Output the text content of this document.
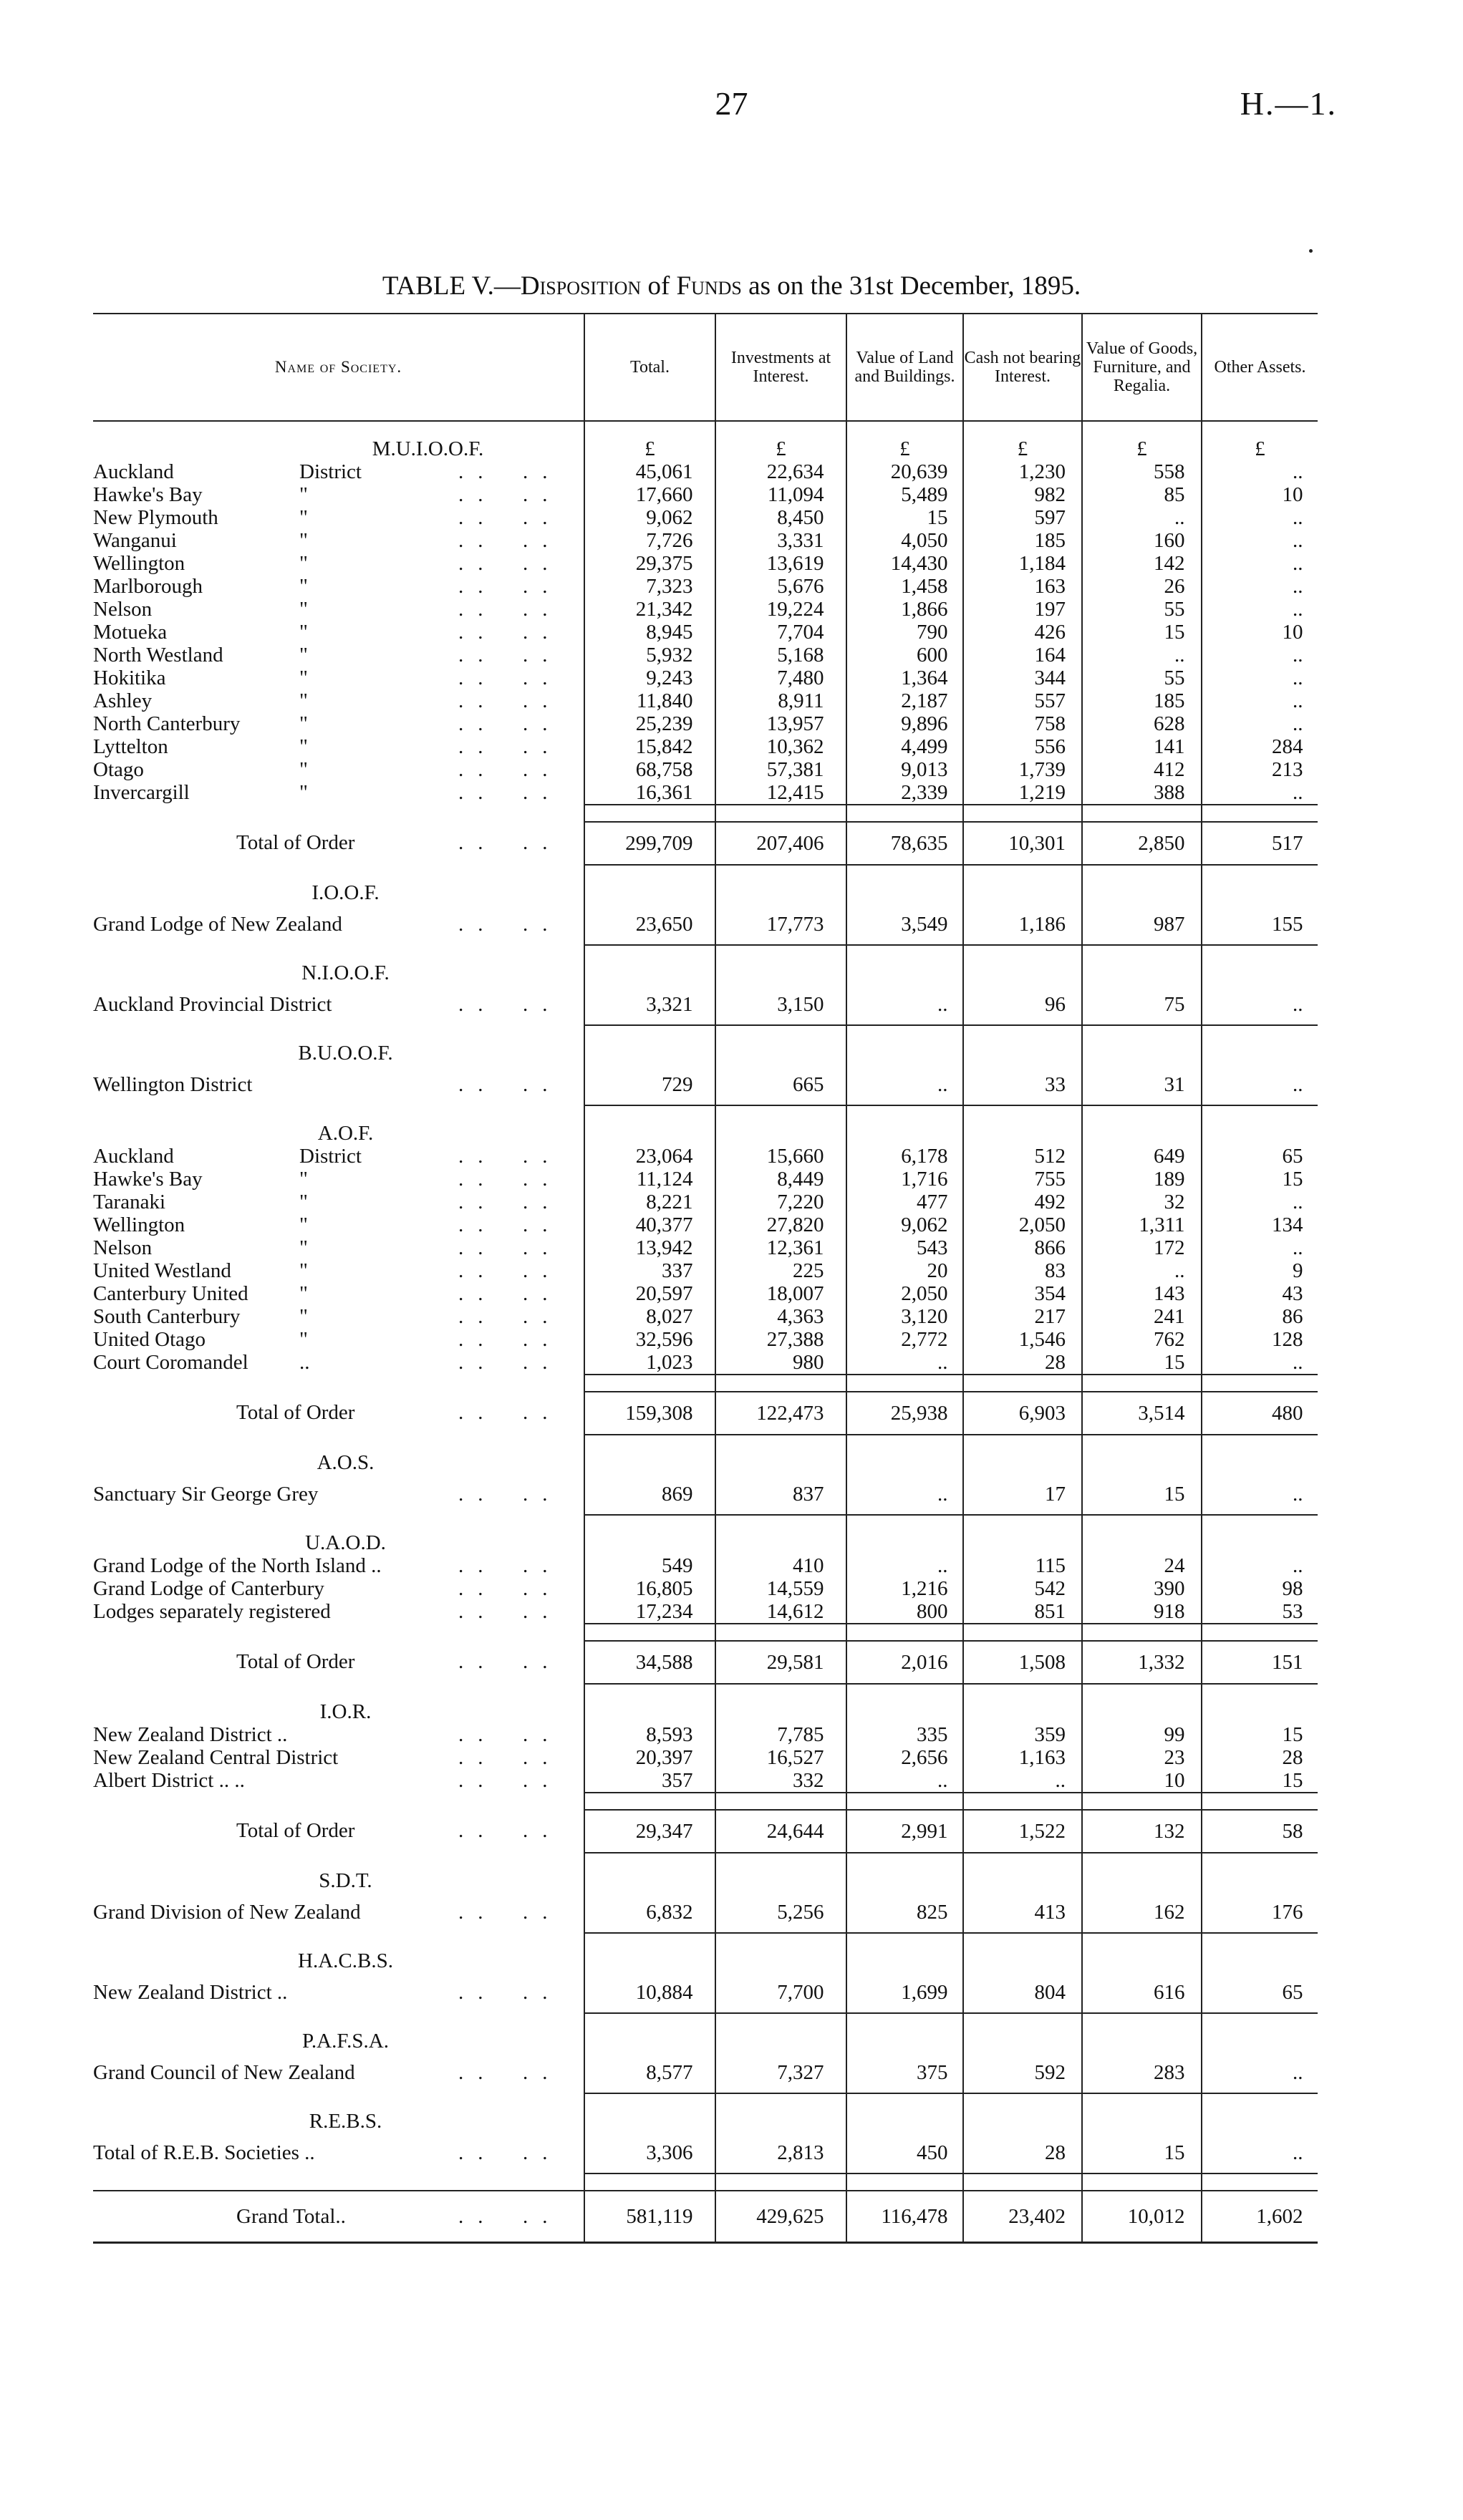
27	H.—1.
TABLE V.—Disposition of Funds as on the 31st December, 1895.
Name of Society.	Total.	Investments at Interest.	Value of Land and Buildings.	Cash not bearing Interest.	Value of Goods, Furniture, and Regalia.	Other Assets.

M.U.I.O.O.F.	£	£	£	£	£	£
Auckland District .. ..	45,061	22,634	20,639	1,230	558	..
Hawke's Bay " .. ..	17,660	11,094	5,489	982	85	10
New Plymouth " .. ..	9,062	8,450	15	597	..	..
Wanganui " .. ..	7,726	3,331	4,050	185	160	..
Wellington " .. ..	29,375	13,619	14,430	1,184	142	..
Marlborough " .. ..	7,323	5,676	1,458	163	26	..
Nelson " .. ..	21,342	19,224	1,866	197	55	..
Motueka " .. ..	8,945	7,704	790	426	15	10
North Westland " .. ..	5,932	5,168	600	164	..	..
Hokitika " .. ..	9,243	7,480	1,364	344	55	..
Ashley " .. ..	11,840	8,911	2,187	557	185	..
North Canterbury " .. ..	25,239	13,957	9,896	758	628	..
Lyttelton " .. ..	15,842	10,362	4,499	556	141	284
Otago " .. ..	68,758	57,381	9,013	1,739	412	213
Invercargill " .. ..	16,361	12,415	2,339	1,219	388	..

Total of Order .. ..	299,709	207,406	78,635	10,301	2,850	517

I.O.O.F.						
Grand Lodge of New Zealand .. ..	23,650	17,773	3,549	1,186	987	155

N.I.O.O.F.						
Auckland Provincial District .. ..	3,321	3,150	..	96	75	..

B.U.O.O.F.						
Wellington District .. ..	729	665	..	33	31	..

A.O.F.						
Auckland District .. ..	23,064	15,660	6,178	512	649	65
Hawke's Bay " .. ..	11,124	8,449	1,716	755	189	15
Taranaki " .. ..	8,221	7,220	477	492	32	..
Wellington " .. ..	40,377	27,820	9,062	2,050	1,311	134
Nelson " .. ..	13,942	12,361	543	866	172	..
United Westland " .. ..	337	225	20	83	..	9
Canterbury United " .. ..	20,597	18,007	2,050	354	143	43
South Canterbury " .. ..	8,027	4,363	3,120	217	241	86
United Otago " .. ..	32,596	27,388	2,772	1,546	762	128
Court Coromandel .. .. ..	1,023	980	..	28	15	..

Total of Order .. ..	159,308	122,473	25,938	6,903	3,514	480

A.O.S.						
Sanctuary Sir George Grey .. ..	869	837	..	17	15	..

U.A.O.D.						
Grand Lodge of the North Island .. .. ..	549	410	..	115	24	..
Grand Lodge of Canterbury .. ..	16,805	14,559	1,216	542	390	98
Lodges separately registered .. ..	17,234	14,612	800	851	918	53

Total of Order .. ..	34,588	29,581	2,016	1,508	1,332	151

I.O.R.						
New Zealand District .. .. ..	8,593	7,785	335	359	99	15
New Zealand Central District .. ..	20,397	16,527	2,656	1,163	23	28
Albert District .. .. .. ..	357	332	..	..	10	15

Total of Order .. ..	29,347	24,644	2,991	1,522	132	58

S.D.T.						
Grand Division of New Zealand .. ..	6,832	5,256	825	413	162	176

H.A.C.B.S.						
New Zealand District .. .. ..	10,884	7,700	1,699	804	616	65

P.A.F.S.A.						
Grand Council of New Zealand .. ..	8,577	7,327	375	592	283	..

R.E.B.S.						
Total of R.E.B. Societies .. .. ..	3,306	2,813	450	28	15	..

Grand Total.. .. ..	581,119	429,625	116,478	23,402	10,012	1,602
